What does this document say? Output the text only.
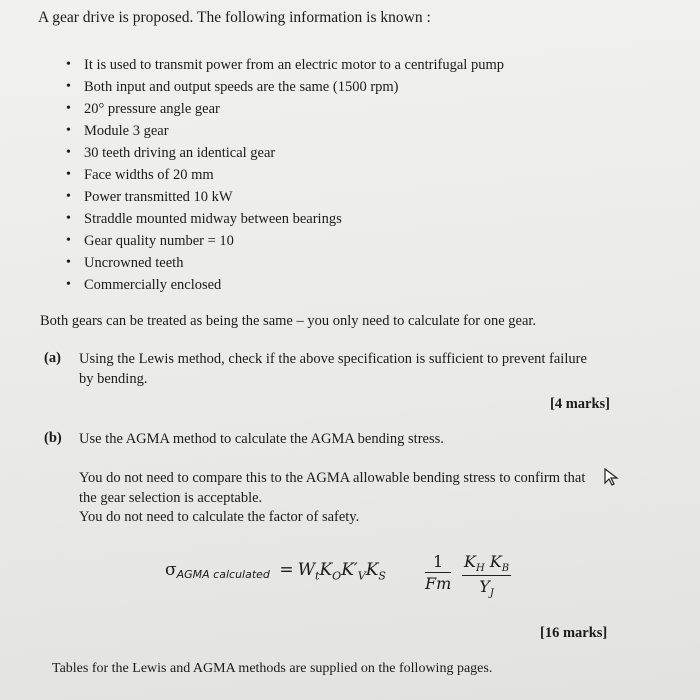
A gear drive is proposed. The following information is known :
• It is used to transmit power from an electric motor to a centrifugal pump
• Both input and output speeds are the same (1500 rpm)
• 20° pressure angle gear
• Module 3 gear
• 30 teeth driving an identical gear
• Face widths of 20 mm
• Power transmitted 10 kW
• Straddle mounted midway between bearings
• Gear quality number = 10
• Uncrowned teeth
• Commercially enclosed
Both gears can be treated as being the same – you only need to calculate for one gear.
(a) Using the Lewis method, check if the above specification is sufficient to prevent failure
by bending.
[4 marks]
(b) Use the AGMA method to calculate the AGMA bending stress.
You do not need to compare this to the AGMA allowable bending stress to confirm that
the gear selection is acceptable.
You do not need to calculate the factor of safety.
σAGMA calculated = $W_tK_OK'_VK_S \frac{1}{Fm} \frac{K_H K_B}{Y_J}$
[16 marks]
Tables for the Lewis and AGMA methods are supplied on the following pages.
